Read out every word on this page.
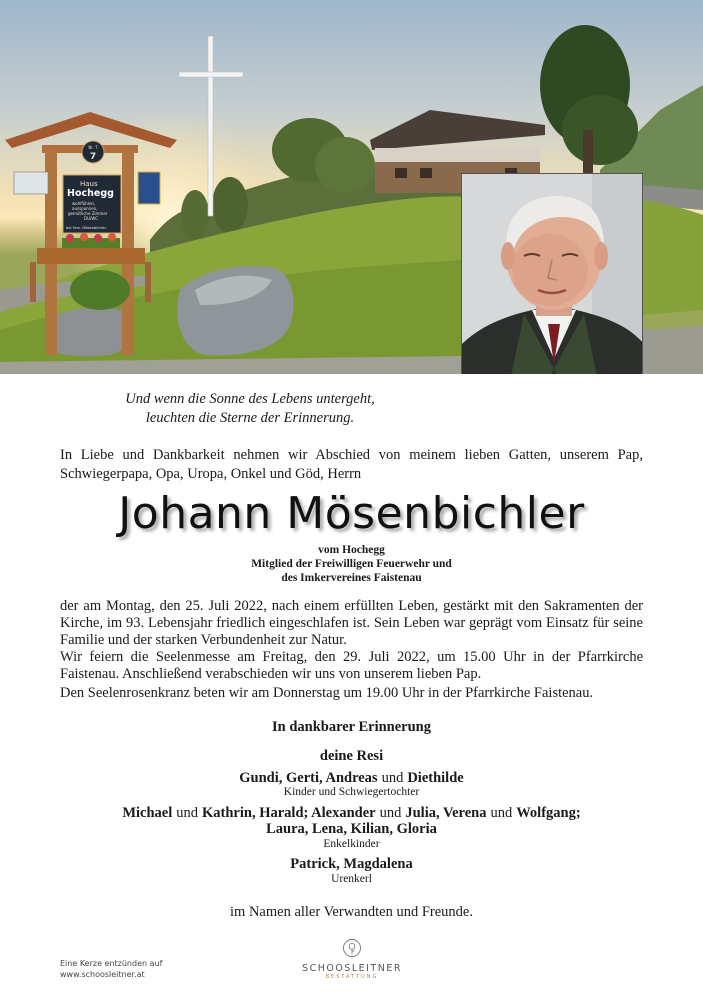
Nr. 7
7
Haus
Hochegg
wohlfühlen,
ausspannen,
gemütliche Zimmer
DU/WC
bei Fam. Mösenbichler
Und wenn die Sonne des Lebens untergeht,
leuchten die Sterne der Erinnerung.
In Liebe und Dankbarkeit nehmen wir Abschied von meinem lieben Gatten, unserem Pap, Schwiegerpapa, Opa, Uropa, Onkel und Göd, Herrn
Johann Mösenbichler
vom Hochegg
Mitglied der Freiwilligen Feuerwehr und
des Imkervereines Faistenau
der am Montag, den 25. Juli 2022, nach einem erfüllten Leben, gestärkt mit den Sakramenten der Kirche, im 93. Lebensjahr friedlich eingeschlafen ist. Sein Leben war geprägt vom Einsatz für seine Familie und der starken Verbundenheit zur Natur.
Wir feiern die Seelenmesse am Freitag, den 29. Juli 2022, um 15.00 Uhr in der Pfarrkirche Faistenau. Anschließend verabschieden wir uns von unserem lieben Pap.
Den Seelenrosenkranz beten wir am Donnerstag um 19.00 Uhr in der Pfarrkirche Faistenau.
In dankbarer Erinnerung
deine Resi
Gundi, Gerti, Andreas und Diethilde
Kinder und Schwiegertochter
Michael und Kathrin, Harald; Alexander und Julia, Verena und Wolfgang;
Laura, Lena, Kilian, Gloria
Enkelkinder
Patrick, Magdalena
Urenkerl
im Namen aller Verwandten und Freunde.
Eine Kerze entzünden auf
www.schoosleitner.at
SCHOOSLEITNER
BESTATTUNG
